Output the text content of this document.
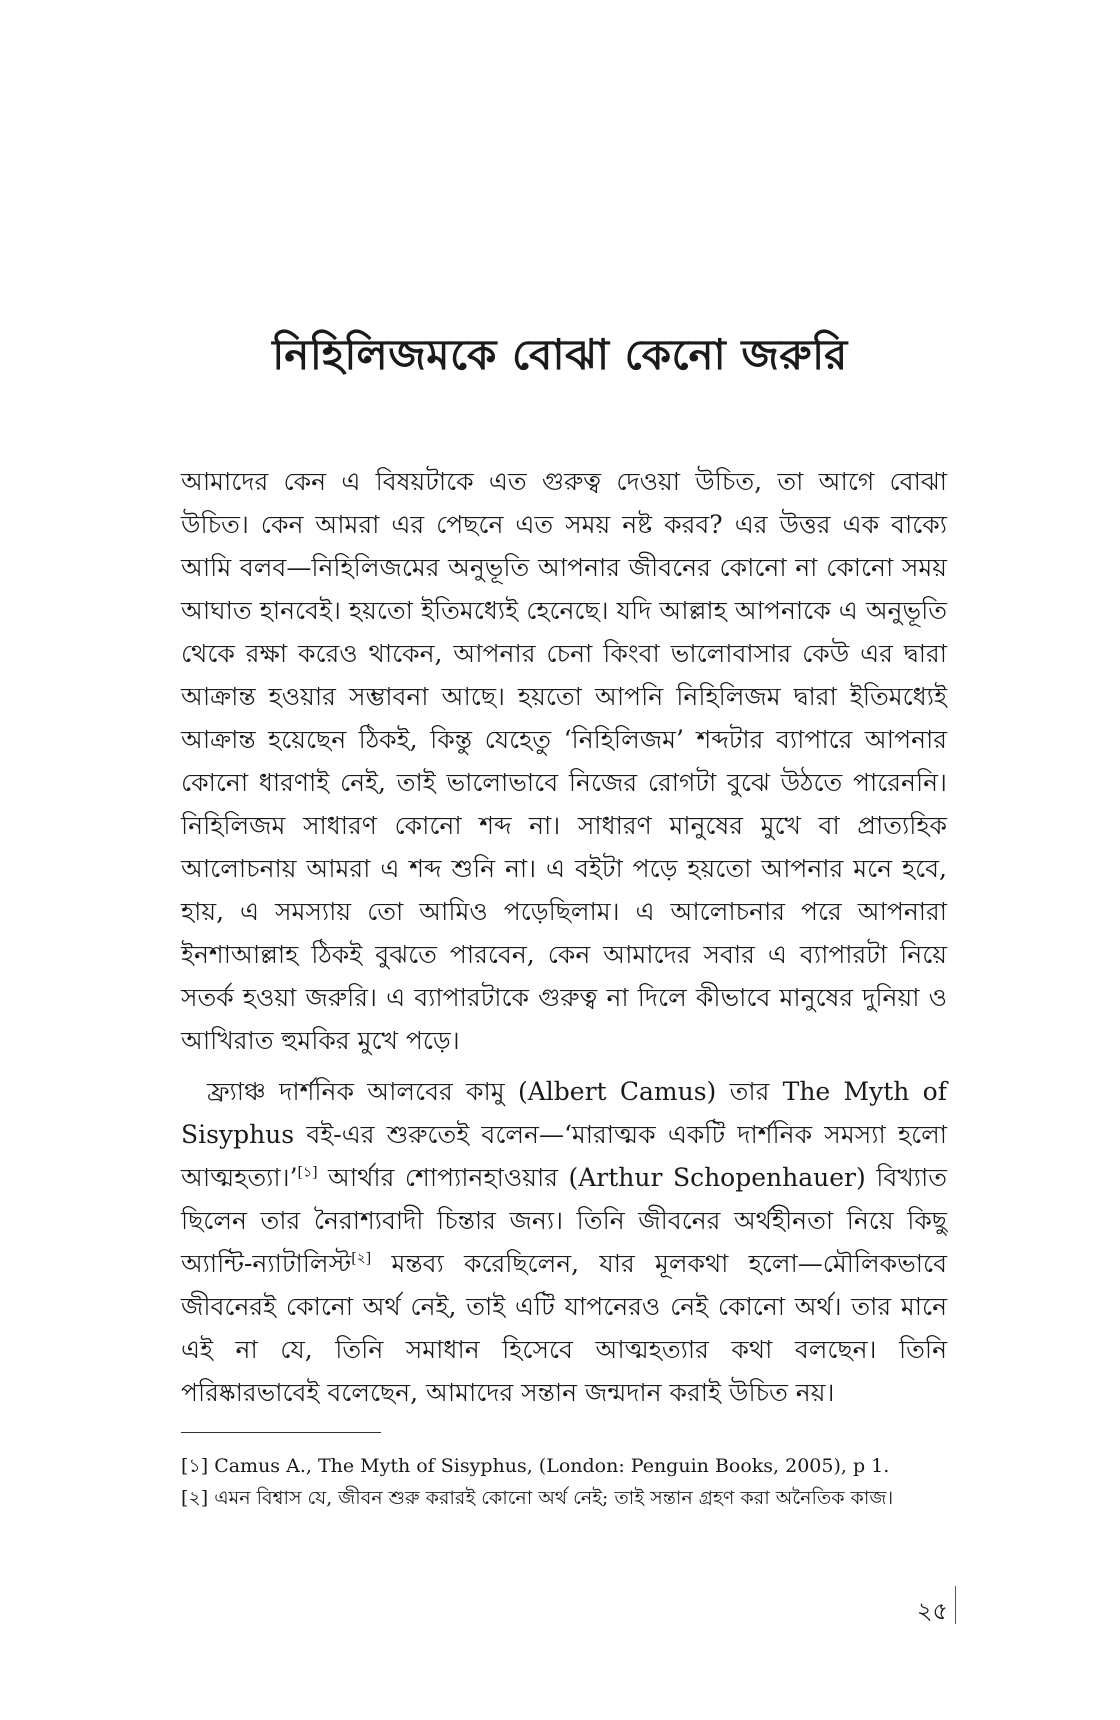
নিহিলিজমকে বোঝা কেনো জরুরি

আমাদের কেন এ বিষয়টাকে এত গুরুত্ব দেওয়া উচিত, তা আগে বোঝা উচিত। কেন আমরা এর পেছনে এত সময় নষ্ট করব? এর উত্তর এক বাক্যে আমি বলব—নিহিলিজমের অনুভূতি আপনার জীবনের কোনো না কোনো সময় আঘাত হানবেই। হয়তো ইতিমধ্যেই হেনেছে। যদি আল্লাহ আপনাকে এ অনুভূতি থেকে রক্ষা করেও থাকেন, আপনার চেনা কিংবা ভালোবাসার কেউ এর দ্বারা আক্রান্ত হওয়ার সম্ভাবনা আছে। হয়তো আপনি নিহিলিজম দ্বারা ইতিমধ্যেই আক্রান্ত হয়েছেন ঠিকই, কিন্তু যেহেতু ‘নিহিলিজম’ শব্দটার ব্যাপারে আপনার কোনো ধারণাই নেই, তাই ভালোভাবে নিজের রোগটা বুঝে উঠতে পারেননি। নিহিলিজম সাধারণ কোনো শব্দ না। সাধারণ মানুষের মুখে বা প্রাত্যহিক আলোচনায় আমরা এ শব্দ শুনি না। এ বইটা পড়ে হয়তো আপনার মনে হবে, হায়, এ সমস্যায় তো আমিও পড়েছিলাম। এ আলোচনার পরে আপনারা ইনশাআল্লাহ ঠিকই বুঝতে পারবেন, কেন আমাদের সবার এ ব্যাপারটা নিয়ে সতর্ক হওয়া জরুরি। এ ব্যাপারটাকে গুরুত্ব না দিলে কীভাবে মানুষের দুনিয়া ও আখিরাত হুমকির মুখে পড়ে।

ফ্র্যাঞ্চ দার্শনিক আলবের কামু (Albert Camus) তার The Myth of Sisyphus বই-এর শুরুতেই বলেন—‘মারাত্মক একটি দার্শনিক সমস্যা হলো আত্মহত্যা।’[১] আর্থার শোপ্যানহাওয়ার (Arthur Schopenhauer) বিখ্যাত ছিলেন তার নৈরাশ্যবাদী চিন্তার জন্য। তিনি জীবনের অর্থহীনতা নিয়ে কিছু অ্যান্টি-ন্যাটালিস্ট[২] মন্তব্য করেছিলেন, যার মূলকথা হলো—মৌলিকভাবে জীবনেরই কোনো অর্থ নেই, তাই এটি যাপনেরও নেই কোনো অর্থ। তার মানে এই না যে, তিনি সমাধান হিসেবে আত্মহত্যার কথা বলছেন। তিনি পরিষ্কারভাবেই বলেছেন, আমাদের সন্তান জন্মদান করাই উচিত নয়।

[১] Camus A., The Myth of Sisyphus, (London: Penguin Books, 2005), p 1.

[২] এমন বিশ্বাস যে, জীবন শুরু করারই কোনো অর্থ নেই; তাই সন্তান গ্রহণ করা অনৈতিক কাজ।

২৫
